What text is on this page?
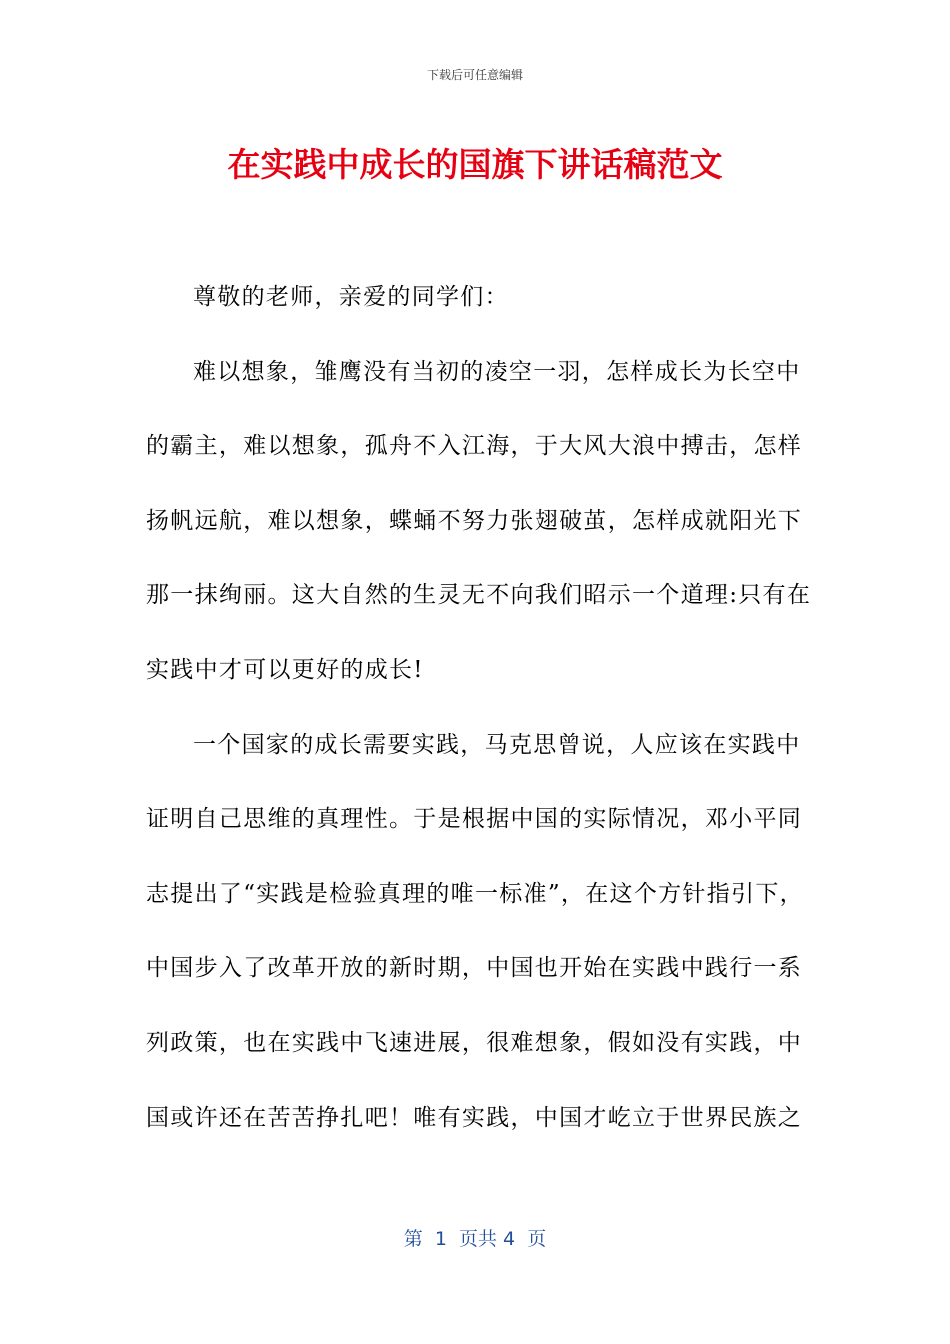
下载后可任意编辑
在实践中成长的国旗下讲话稿范文
尊敬的老师，亲爱的同学们：
难以想象，雏鹰没有当初的凌空一羽，怎样成长为长空中
的霸主，难以想象，孤舟不入江海，于大风大浪中搏击，怎样
扬帆远航，难以想象，蝶蛹不努力张翅破茧，怎样成就阳光下
那一抹绚丽。这大自然的生灵无不向我们昭示一个道理:只有在
实践中才可以更好的成长!
一个国家的成长需要实践，马克思曾说，人应该在实践中
证明自己思维的真理性。于是根据中国的实际情况，邓小平同
志提出了“实践是检验真理的唯一标准”，在这个方针指引下，
中国步入了改革开放的新时期，中国也开始在实践中践行一系
列政策，也在实践中飞速进展，很难想象，假如没有实践，中
国或许还在苦苦挣扎吧！唯有实践，中国才屹立于世界民族之
第  1  页共 4  页
